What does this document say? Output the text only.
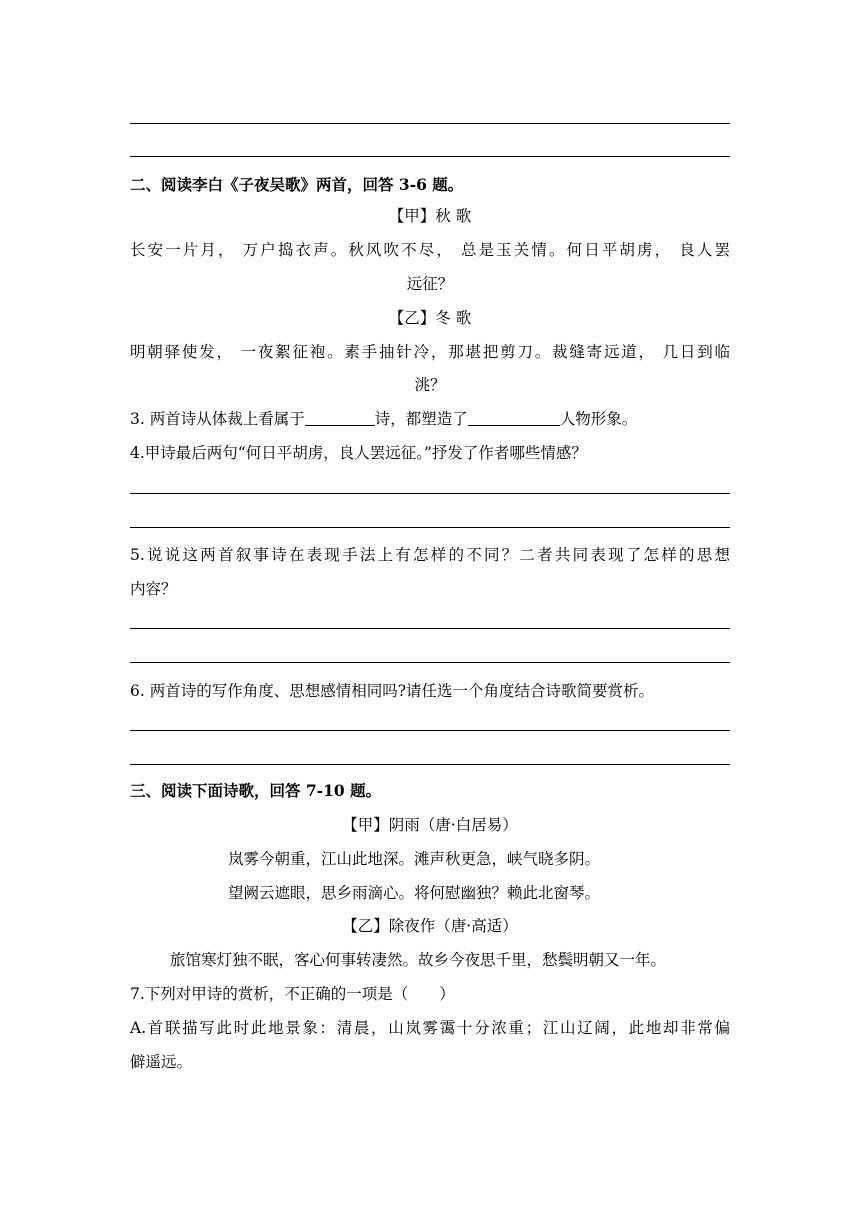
二、阅读李白《子夜吴歌》两首，回答 3-6 题。
【甲】秋 歌
长安一片月， 万户捣衣声。秋风吹不尽， 总是玉关情。何日平胡虏， 良人罢
远征？
【乙】冬 歌
明朝驿使发， 一夜絮征袍。素手抽针冷，那堪把剪刀。裁缝寄远道， 几日到临
洮？
3. 两首诗从体裁上看属于	诗，都塑造了	人物形象。
4.甲诗最后两句“何日平胡虏，良人罢远征。”抒发了作者哪些情感？
5.说说这两首叙事诗在表现手法上有怎样的不同？二者共同表现了怎样的思想
内容？
6. 两首诗的写作角度、思想感情相同吗?请任选一个角度结合诗歌简要赏析。
三、阅读下面诗歌，回答 7-10 题。
【甲】阴雨（唐·白居易）
岚雾今朝重，江山此地深。滩声秋更急，峡气晓多阴。
望阙云遮眼，思乡雨滴心。将何慰幽独？赖此北窗琴。
【乙】除夜作（唐·高适）
旅馆寒灯独不眠，客心何事转凄然。故乡今夜思千里，愁鬓明朝又一年。
7.下列对甲诗的赏析，不正确的一项是（　　）
A.首联描写此时此地景象：清晨，山岚雾霭十分浓重；江山辽阔，此地却非常偏
僻遥远。
